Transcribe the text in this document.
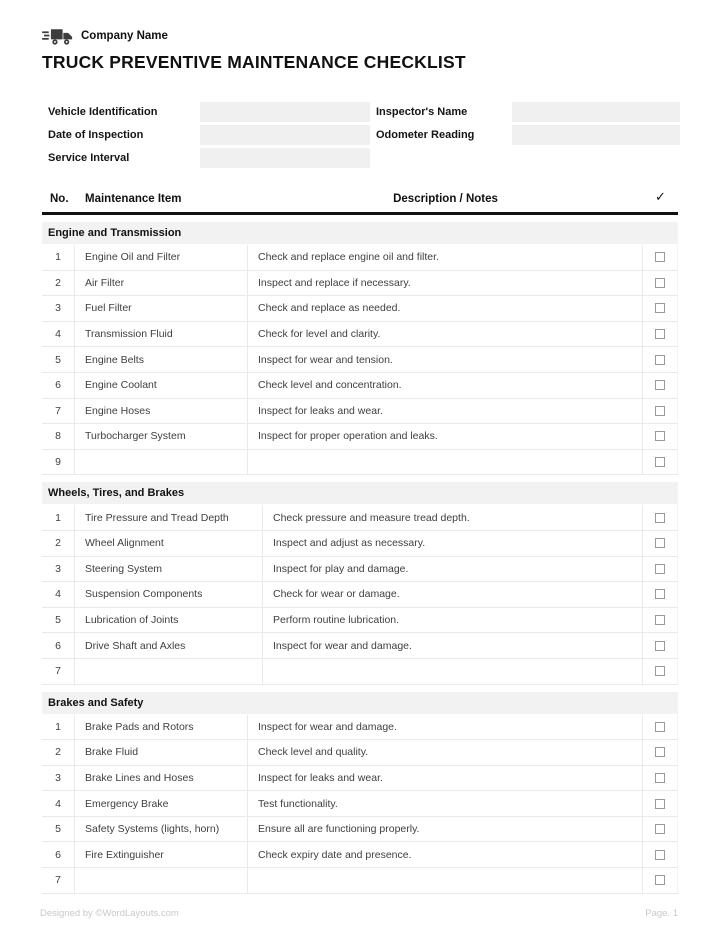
Company Name
TRUCK PREVENTIVE MAINTENANCE CHECKLIST
Vehicle Identification	Inspector's Name
Date of Inspection	Odometer Reading
Service Interval
No.	Maintenance Item	Description / Notes	✓
Engine and Transmission
1	Engine Oil and Filter	Check and replace engine oil and filter.
2	Air Filter	Inspect and replace if necessary.
3	Fuel Filter	Check and replace as needed.
4	Transmission Fluid	Check for level and clarity.
5	Engine Belts	Inspect for wear and tension.
6	Engine Coolant	Check level and concentration.
7	Engine Hoses	Inspect for leaks and wear.
8	Turbocharger System	Inspect for proper operation and leaks.
9
Wheels, Tires, and Brakes
1	Tire Pressure and Tread Depth	Check pressure and measure tread depth.
2	Wheel Alignment	Inspect and adjust as necessary.
3	Steering System	Inspect for play and damage.
4	Suspension Components	Check for wear or damage.
5	Lubrication of Joints	Perform routine lubrication.
6	Drive Shaft and Axles	Inspect for wear and damage.
7
Brakes and Safety
1	Brake Pads and Rotors	Inspect for wear and damage.
2	Brake Fluid	Check level and quality.
3	Brake Lines and Hoses	Inspect for leaks and wear.
4	Emergency Brake	Test functionality.
5	Safety Systems (lights, horn)	Ensure all are functioning properly.
6	Fire Extinguisher	Check expiry date and presence.
7
Designed by ©WordLayouts.com	Page. 1
